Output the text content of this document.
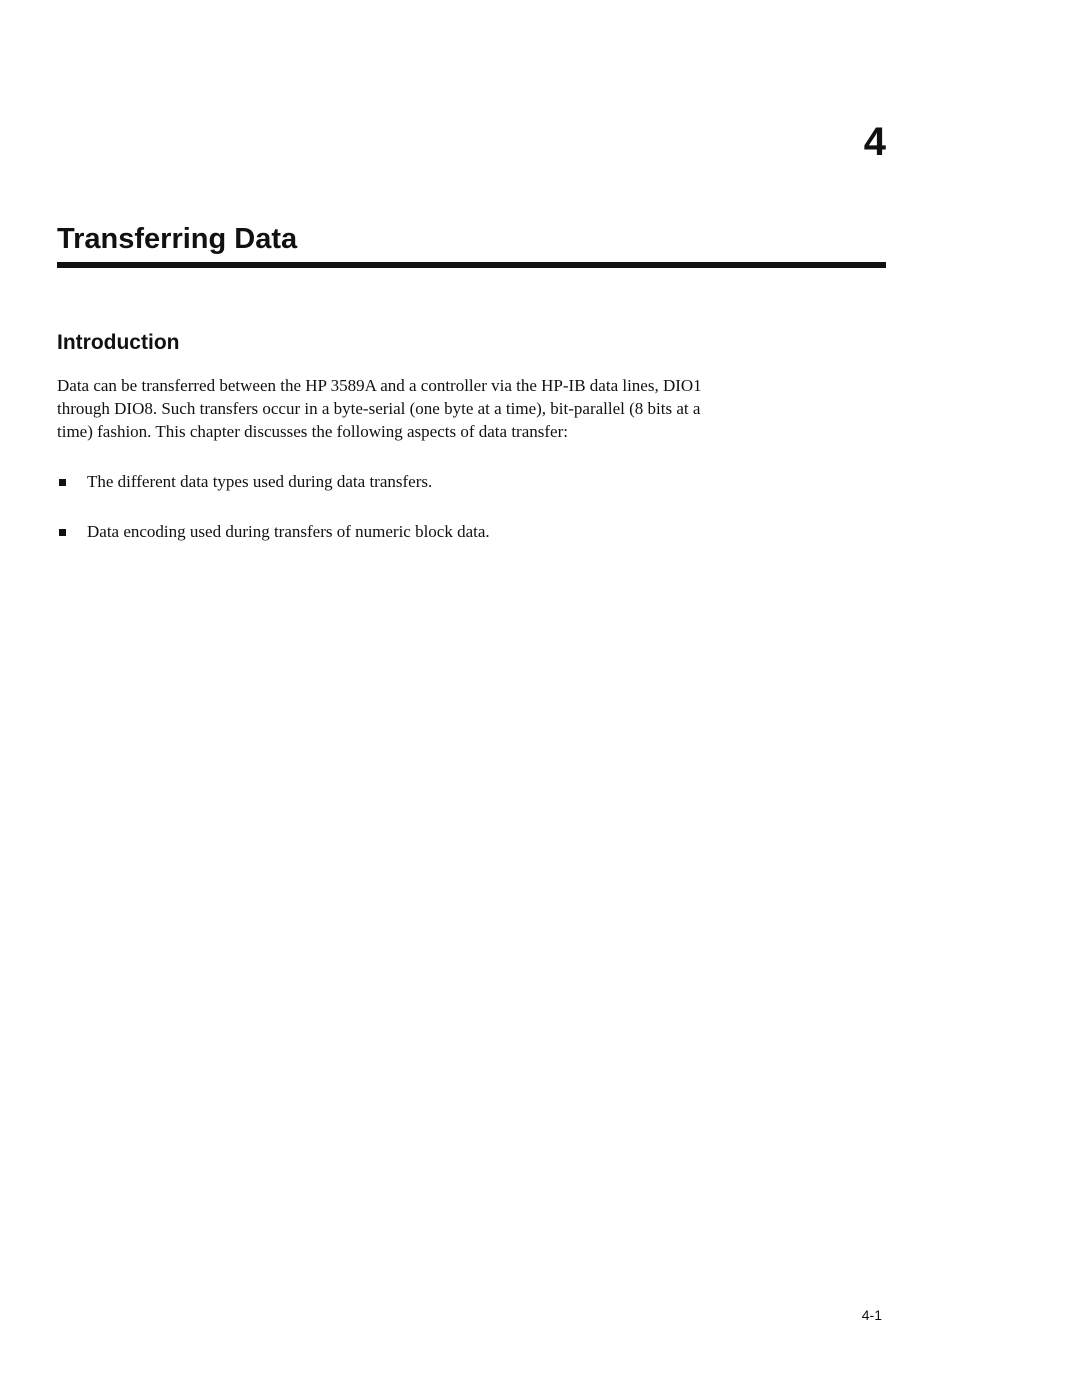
4
Transferring Data
Introduction

Data can be transferred between the HP 3589A and a controller via the HP-IB data lines, DIO1
through DIO8. Such transfers occur in a byte-serial (one byte at a time), bit-parallel (8 bits at a
time) fashion. This chapter discusses the following aspects of data transfer:

The different data types used during data transfers.
Data encoding used during transfers of numeric block data.
4-1
